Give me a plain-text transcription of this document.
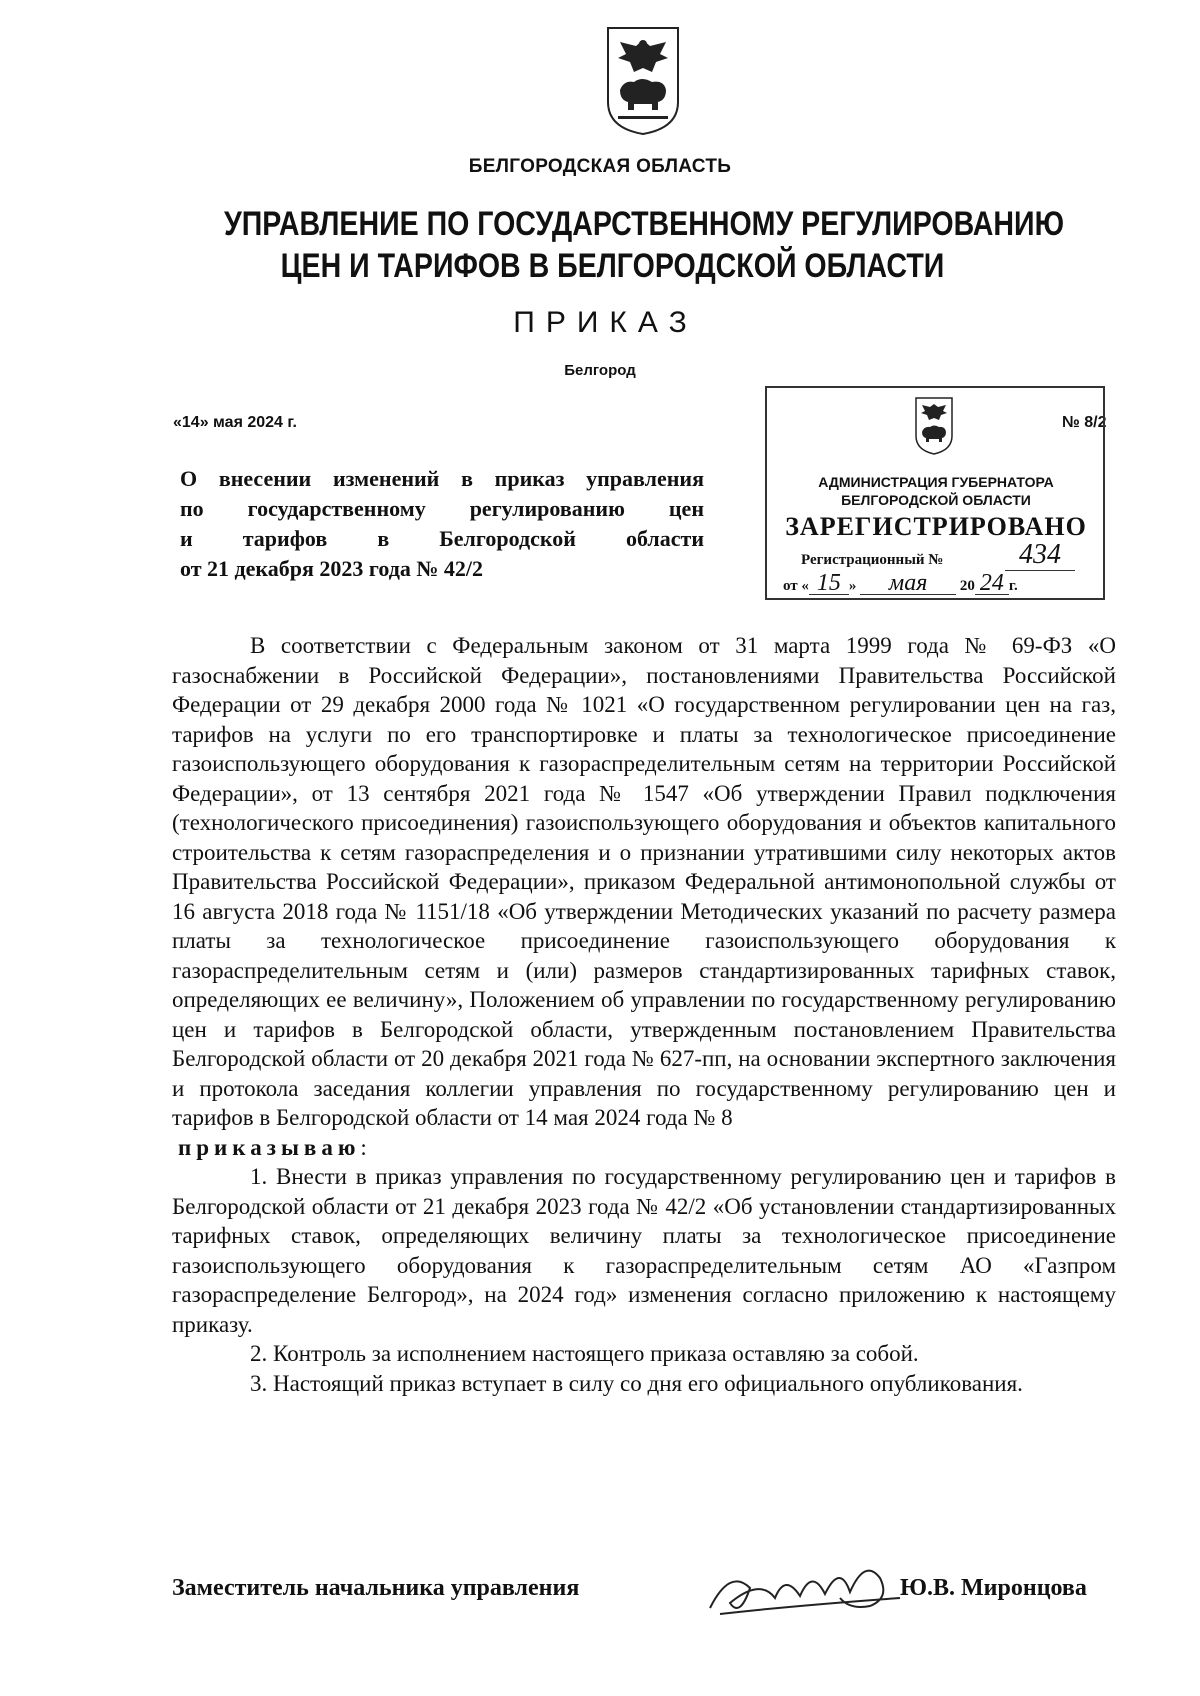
БЕЛГОРОДСКАЯ ОБЛАСТЬ
УПРАВЛЕНИЕ ПО ГОСУДАРСТВЕННОМУ РЕГУЛИРОВАНИЮ
ЦЕН И ТАРИФОВ В БЕЛГОРОДСКОЙ ОБЛАСТИ
ПРИКАЗ
Белгород
«14» мая 2024 г.	№ 8/2
О внесении изменений в приказ управления
по государственному регулированию цен
и тарифов в Белгородской области
от 21 декабря 2023 года № 42/2
АДМИНИСТРАЦИЯ ГУБЕРНАТОРА
БЕЛГОРОДСКОЙ ОБЛАСТИ
ЗАРЕГИСТРИРОВАНО
Регистрационный №	434
от « 15 » мая 20 24 г.

В соответствии с Федеральным законом от 31 марта 1999 года № 69-ФЗ «О газоснабжении в Российской Федерации», постановлениями Правительства Российской Федерации от 29 декабря 2000 года № 1021 «О государственном регулировании цен на газ, тарифов на услуги по его транспортировке и платы за технологическое присоединение газоиспользующего оборудования к газораспределительным сетям на территории Российской Федерации», от 13 сентября 2021 года № 1547 «Об утверждении Правил подключения (технологического присоединения) газоиспользующего оборудования и объектов капитального строительства к сетям газораспределения и о признании утратившими силу некоторых актов Правительства Российской Федерации», приказом Федеральной антимонопольной службы от 16 августа 2018 года № 1151/18 «Об утверждении Методических указаний по расчету размера платы за технологическое присоединение газоиспользующего оборудования к газораспределительным сетям и (или) размеров стандартизированных тарифных ставок, определяющих ее величину», Положением об управлении по государственному регулированию цен и тарифов в Белгородской области, утвержденным постановлением Правительства Белгородской области от 20 декабря 2021 года № 627-пп, на основании экспертного заключения и протокола заседания коллегии управления по государственному регулированию цен и тарифов в Белгородской области от 14 мая 2024 года № 8

приказываю:

1. Внести в приказ управления по государственному регулированию цен и тарифов в Белгородской области от 21 декабря 2023 года № 42/2 «Об установлении стандартизированных тарифных ставок, определяющих величину платы за технологическое присоединение газоиспользующего оборудования к газораспределительным сетям АО «Газпром газораспределение Белгород», на 2024 год» изменения согласно приложению к настоящему приказу.

2. Контроль за исполнением настоящего приказа оставляю за собой.

3. Настоящий приказ вступает в силу со дня его официального опубликования.

Заместитель начальника управления	Ю.В. Миронцова
